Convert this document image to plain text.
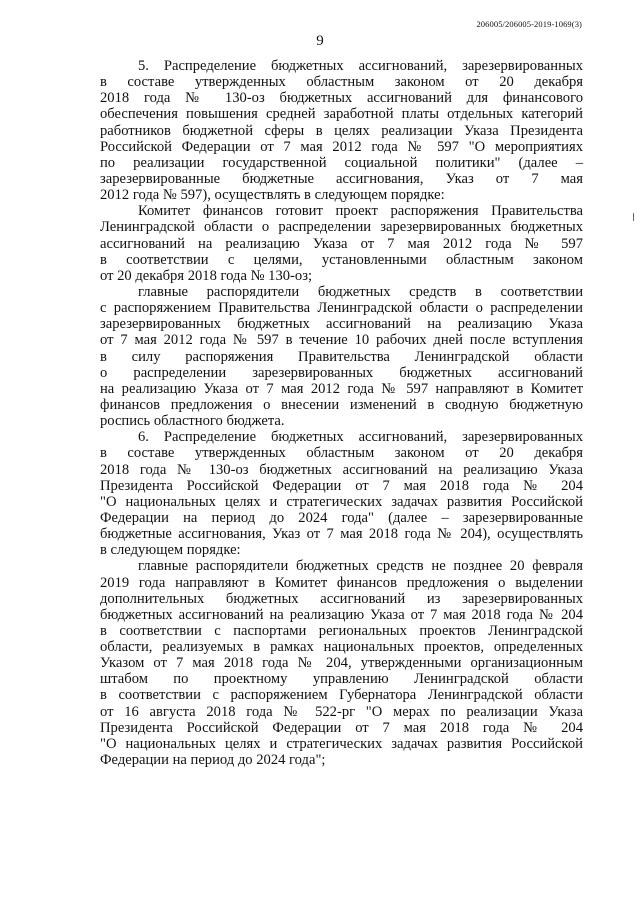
206005/206005-2019-1069(3)
9
5. Распределение бюджетных ассигнований, зарезервированных
в составе утвержденных областным законом от 20 декабря
2018 года № 130-оз бюджетных ассигнований для финансового
обеспечения повышения средней заработной платы отдельных категорий
работников бюджетной сферы в целях реализации Указа Президента
Российской Федерации от 7 мая 2012 года № 597 "О мероприятиях
по реализации государственной социальной политики" (далее –
зарезервированные бюджетные ассигнования, Указ от 7 мая
2012 года № 597), осуществлять в следующем порядке:
Комитет финансов готовит проект распоряжения Правительства
Ленинградской области о распределении зарезервированных бюджетных
ассигнований на реализацию Указа от 7 мая 2012 года № 597
в соответствии с целями, установленными областным законом
от 20 декабря 2018 года № 130-оз;
главные распорядители бюджетных средств в соответствии
с распоряжением Правительства Ленинградской области о распределении
зарезервированных бюджетных ассигнований на реализацию Указа
от 7 мая 2012 года № 597 в течение 10 рабочих дней после вступления
в силу распоряжения Правительства Ленинградской области
о распределении зарезервированных бюджетных ассигнований
на реализацию Указа от 7 мая 2012 года № 597 направляют в Комитет
финансов предложения о внесении изменений в сводную бюджетную
роспись областного бюджета.
6. Распределение бюджетных ассигнований, зарезервированных
в составе утвержденных областным законом от 20 декабря
2018 года № 130-оз бюджетных ассигнований на реализацию Указа
Президента Российской Федерации от 7 мая 2018 года № 204
"О национальных целях и стратегических задачах развития Российской
Федерации на период до 2024 года" (далее – зарезервированные
бюджетные ассигнования, Указ от 7 мая 2018 года № 204), осуществлять
в следующем порядке:
главные распорядители бюджетных средств не позднее 20 февраля
2019 года направляют в Комитет финансов предложения о выделении
дополнительных бюджетных ассигнований из зарезервированных
бюджетных ассигнований на реализацию Указа от 7 мая 2018 года № 204
в соответствии с паспортами региональных проектов Ленинградской
области, реализуемых в рамках национальных проектов, определенных
Указом от 7 мая 2018 года № 204, утвержденными организационным
штабом по проектному управлению Ленинградской области
в соответствии с распоряжением Губернатора Ленинградской области
от 16 августа 2018 года № 522-рг "О мерах по реализации Указа
Президента Российской Федерации от 7 мая 2018 года № 204
"О национальных целях и стратегических задачах развития Российской
Федерации на период до 2024 года";
